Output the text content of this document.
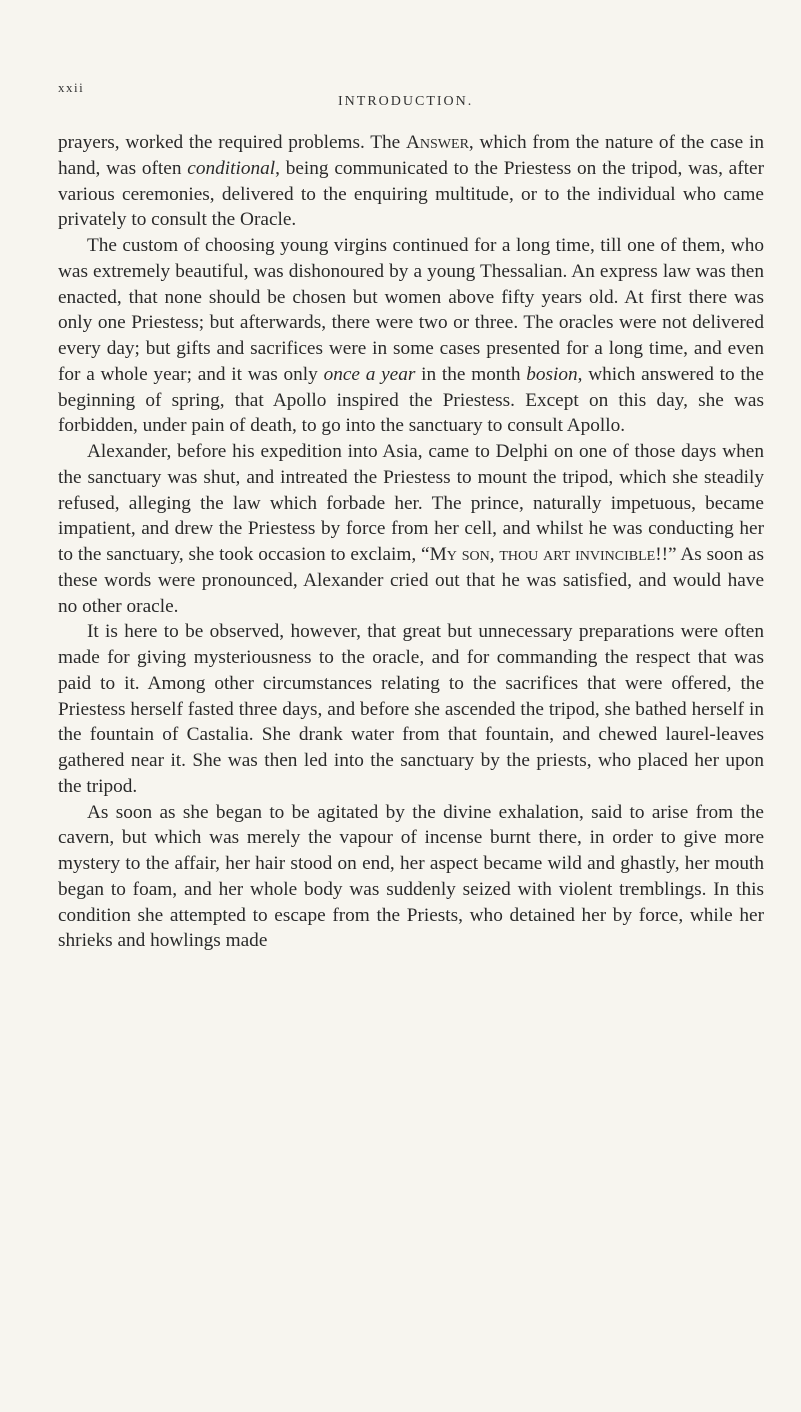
xxii
INTRODUCTION.

prayers, worked the required problems. The Answer, which from the nature of the case in hand, was often conditional, being communicated to the Priestess on the tripod, was, after various ceremonies, delivered to the enquiring multitude, or to the individual who came privately to consult the Oracle.

The custom of choosing young virgins continued for a long time, till one of them, who was extremely beautiful, was dishonoured by a young Thessalian. An express law was then enacted, that none should be chosen but women above fifty years old. At first there was only one Priestess; but afterwards, there were two or three. The oracles were not delivered every day; but gifts and sacrifices were in some cases presented for a long time, and even for a whole year; and it was only once a year in the month bosion, which answered to the beginning of spring, that Apollo inspired the Priestess. Except on this day, she was forbidden, under pain of death, to go into the sanctuary to consult Apollo.

Alexander, before his expedition into Asia, came to Delphi on one of those days when the sanctuary was shut, and intreated the Priestess to mount the tripod, which she steadily refused, alleging the law which forbade her. The prince, naturally impetuous, became impatient, and drew the Priestess by force from her cell, and whilst he was conducting her to the sanctuary, she took occasion to exclaim, “My son, thou art invincible!!” As soon as these words were pronounced, Alexander cried out that he was satisfied, and would have no other oracle.

It is here to be observed, however, that great but unnecessary preparations were often made for giving mysteriousness to the oracle, and for commanding the respect that was paid to it. Among other circumstances relating to the sacrifices that were offered, the Priestess herself fasted three days, and before she ascended the tripod, she bathed herself in the fountain of Castalia. She drank water from that fountain, and chewed laurel-leaves gathered near it. She was then led into the sanctuary by the priests, who placed her upon the tripod.

As soon as she began to be agitated by the divine exhalation, said to arise from the cavern, but which was merely the vapour of incense burnt there, in order to give more mystery to the affair, her hair stood on end, her aspect became wild and ghastly, her mouth began to foam, and her whole body was suddenly seized with violent tremblings. In this condition she attempted to escape from the Priests, who detained her by force, while her shrieks and howlings made
